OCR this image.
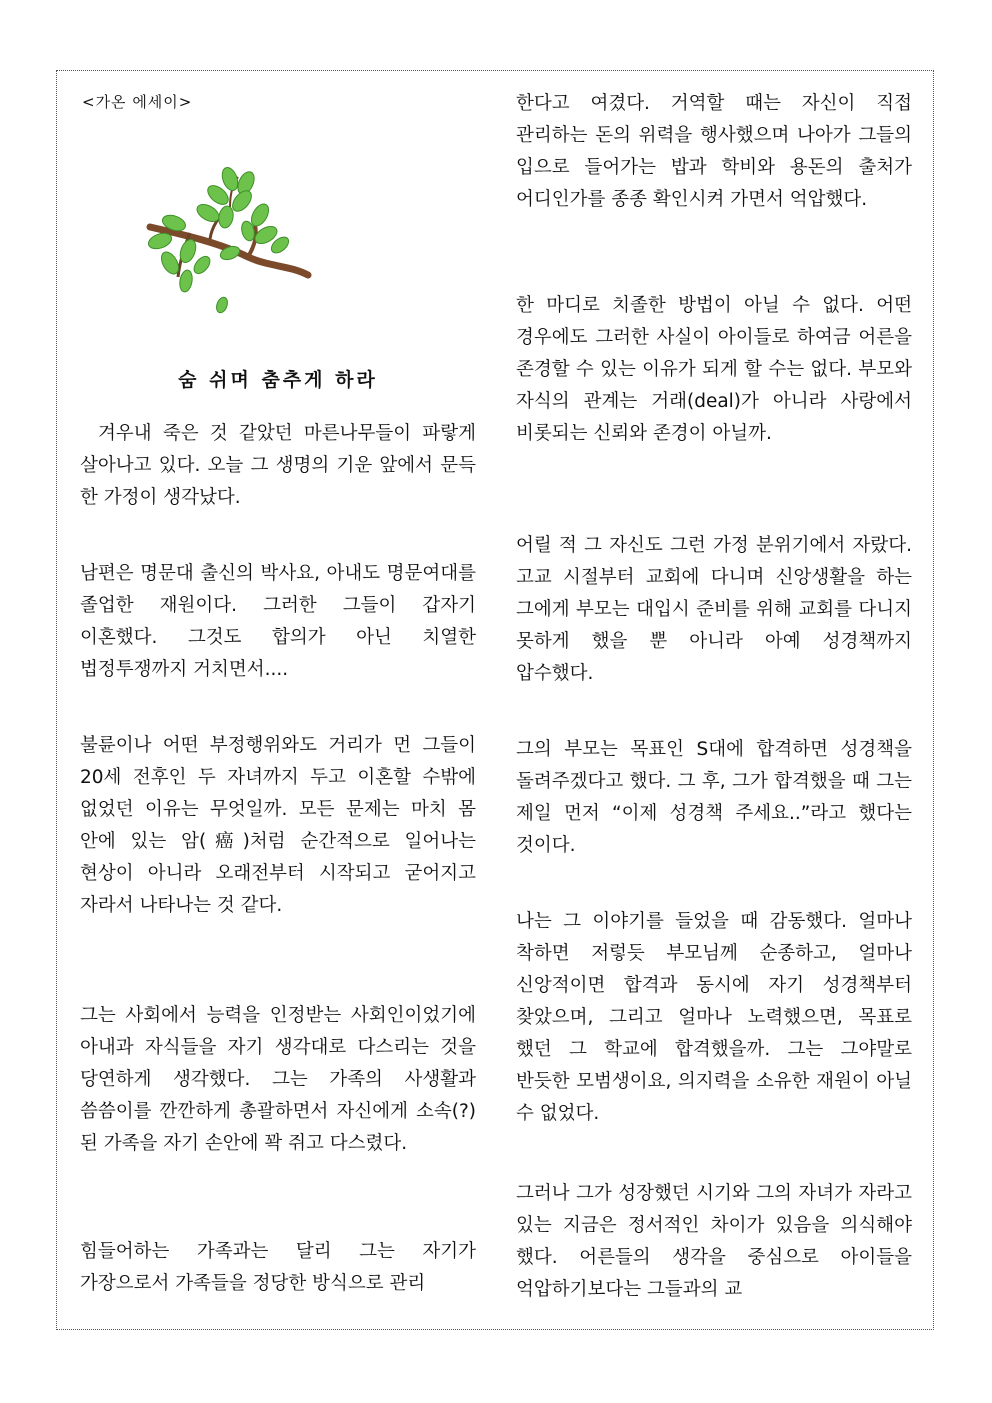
<가온 에세이>

숨 쉬며 춤추게 하라

겨우내 죽은 것 같았던 마른나무들이 파랗게 살아나고 있다. 오늘 그 생명의 기운 앞에서 문득 한 가정이 생각났다.

남편은 명문대 출신의 박사요, 아내도 명문여대를 졸업한 재원이다. 그러한 그들이 갑자기 이혼했다. 그것도 합의가 아닌 치열한 법정투쟁까지 거치면서....

불륜이나 어떤 부정행위와도 거리가 먼 그들이 20세 전후인 두 자녀까지 두고 이혼할 수밖에 없었던 이유는 무엇일까. 모든 문제는 마치 몸 안에 있는 암(癌)처럼 순간적으로 일어나는 현상이 아니라 오래전부터 시작되고 굳어지고 자라서 나타나는 것 같다.

그는 사회에서 능력을 인정받는 사회인이었기에 아내과 자식들을 자기 생각대로 다스리는 것을 당연하게 생각했다. 그는 가족의 사생활과 씀씀이를 깐깐하게 총괄하면서 자신에게 소속(?)된 가족을 자기 손안에 꽉 쥐고 다스렸다.

힘들어하는 가족과는 달리 그는 자기가 가장으로서 가족들을 정당한 방식으로 관리

한다고 여겼다. 거역할 때는 자신이 직접 관리하는 돈의 위력을 행사했으며 나아가 그들의 입으로 들어가는 밥과 학비와 용돈의 출처가 어디인가를 종종 확인시켜 가면서 억압했다.

한 마디로 치졸한 방법이 아닐 수 없다. 어떤 경우에도 그러한 사실이 아이들로 하여금 어른을 존경할 수 있는 이유가 되게 할 수는 없다. 부모와 자식의 관계는 거래(deal)가 아니라 사랑에서 비롯되는 신뢰와 존경이 아닐까.

어릴 적 그 자신도 그런 가정 분위기에서 자랐다. 고교 시절부터 교회에 다니며 신앙생활을 하는 그에게 부모는 대입시 준비를 위해 교회를 다니지 못하게 했을 뿐 아니라 아예 성경책까지 압수했다.

그의 부모는 목표인 S대에 합격하면 성경책을 돌려주겠다고 했다. 그 후, 그가 합격했을 때 그는 제일 먼저 “이제 성경책 주세요..”라고 했다는 것이다.

나는 그 이야기를 들었을 때 감동했다. 얼마나 착하면 저렇듯 부모님께 순종하고, 얼마나 신앙적이면 합격과 동시에 자기 성경책부터 찾았으며, 그리고 얼마나 노력했으면, 목표로 했던 그 학교에 합격했을까. 그는 그야말로 반듯한 모범생이요, 의지력을 소유한 재원이 아닐 수 없었다.

그러나 그가 성장했던 시기와 그의 자녀가 자라고 있는 지금은 정서적인 차이가 있음을 의식해야 했다. 어른들의 생각을 중심으로 아이들을 억압하기보다는 그들과의 교
